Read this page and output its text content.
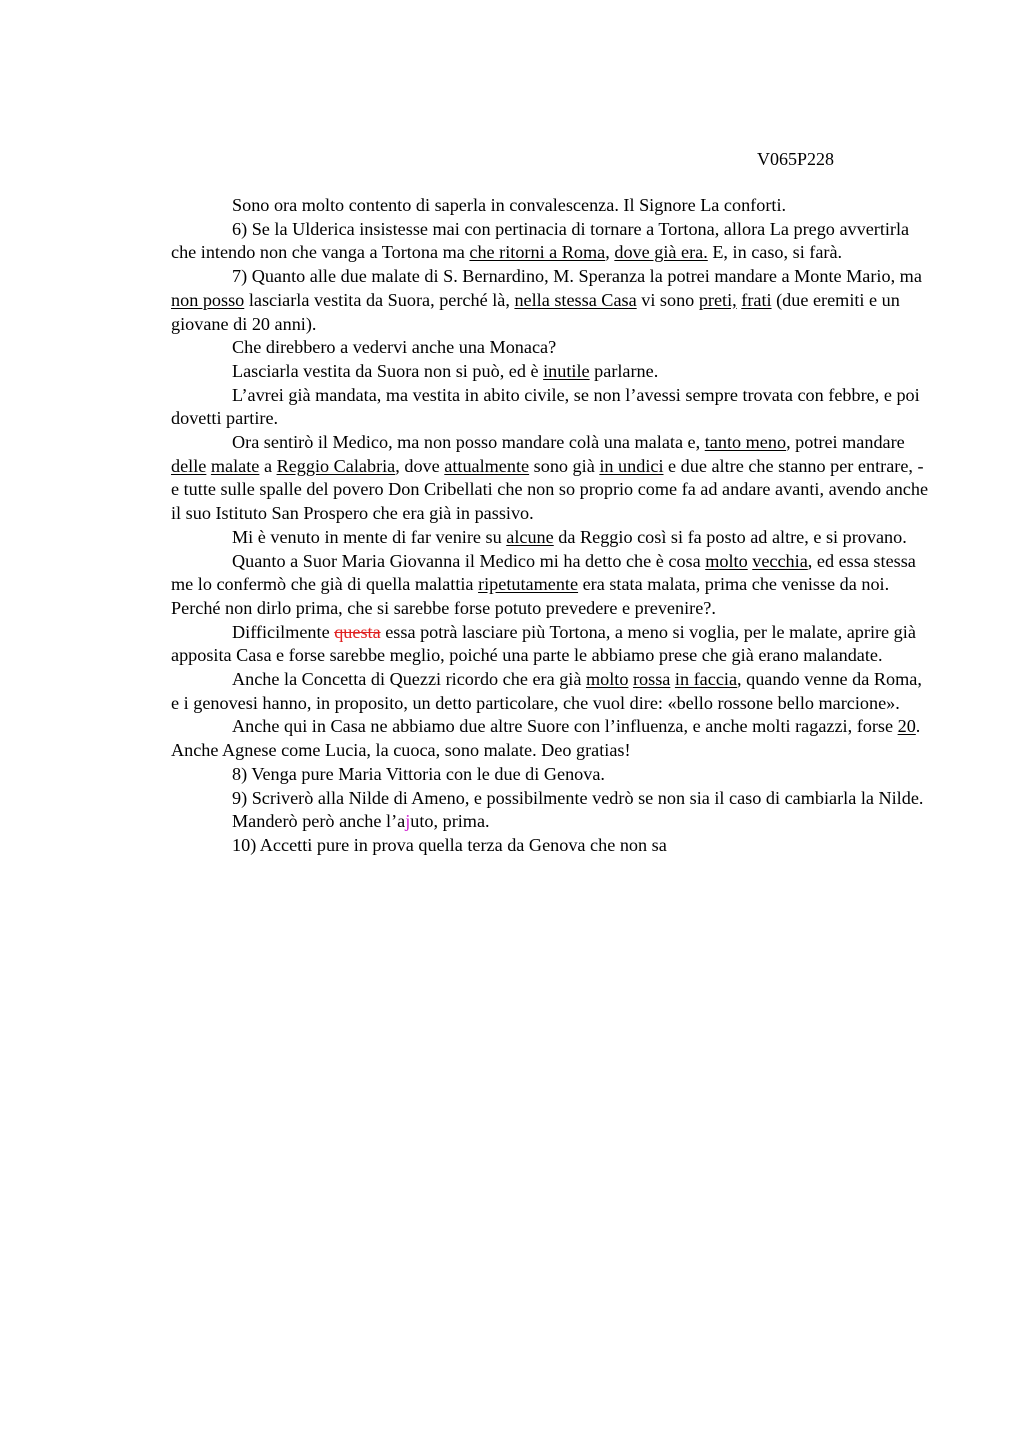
V065P228

Sono ora molto contento di saperla in convalescenza. Il Signore La conforti.

6) Se la Ulderica insistesse mai con pertinacia di tornare a Tortona, allora La prego avvertirla che intendo non che vanga a Tortona ma che ritorni a Roma, dove già era. E, in caso, si farà.

7) Quanto alle due malate di S. Bernardino, M. Speranza la potrei mandare a Monte Mario, ma non posso lasciarla vestita da Suora, perché là, nella stessa Casa vi sono preti, frati (due eremiti e un giovane di 20 anni).

Che direbbero a vedervi anche una Monaca?

Lasciarla vestita da Suora non si può, ed è inutile parlarne.

L’avrei già mandata, ma vestita in abito civile, se non l’avessi sempre trovata con febbre, e poi dovetti partire.

Ora sentirò il Medico, ma non posso mandare colà una malata e, tanto meno, potrei mandare delle malate a Reggio Calabria, dove attualmente sono già in undici e due altre che stanno per entrare, - e tutte sulle spalle del povero Don Cribellati che non so proprio come fa ad andare avanti, avendo anche il suo Istituto San Prospero che era già in passivo.

Mi è venuto in mente di far venire su alcune da Reggio così si fa posto ad altre, e si provano.

Quanto a Suor Maria Giovanna il Medico mi ha detto che è cosa molto vecchia, ed essa stessa me lo confermò che già di quella malattia ripetutamente era stata malata, prima che venisse da noi. Perché non dirlo prima, che si sarebbe forse potuto prevedere e prevenire?.

Difficilmente questa essa potrà lasciare più Tortona, a meno si voglia, per le malate, aprire già apposita Casa e forse sarebbe meglio, poiché una parte le abbiamo prese che già erano malandate.

Anche la Concetta di Quezzi ricordo che era già molto rossa in faccia, quando venne da Roma, e i genovesi hanno, in proposito, un detto particolare, che vuol dire: «bello rossone bello marcione».

Anche qui in Casa ne abbiamo due altre Suore con l’influenza, e anche molti ragazzi, forse 20. Anche Agnese come Lucia, la cuoca, sono malate. Deo gratias!

8) Venga pure Maria Vittoria con le due di Genova.

9) Scriverò alla Nilde di Ameno, e possibilmente vedrò se non sia il caso di cambiarla la Nilde.

Manderò però anche l’ajuto, prima.

10) Accetti pure in prova quella terza da Genova che non sa
